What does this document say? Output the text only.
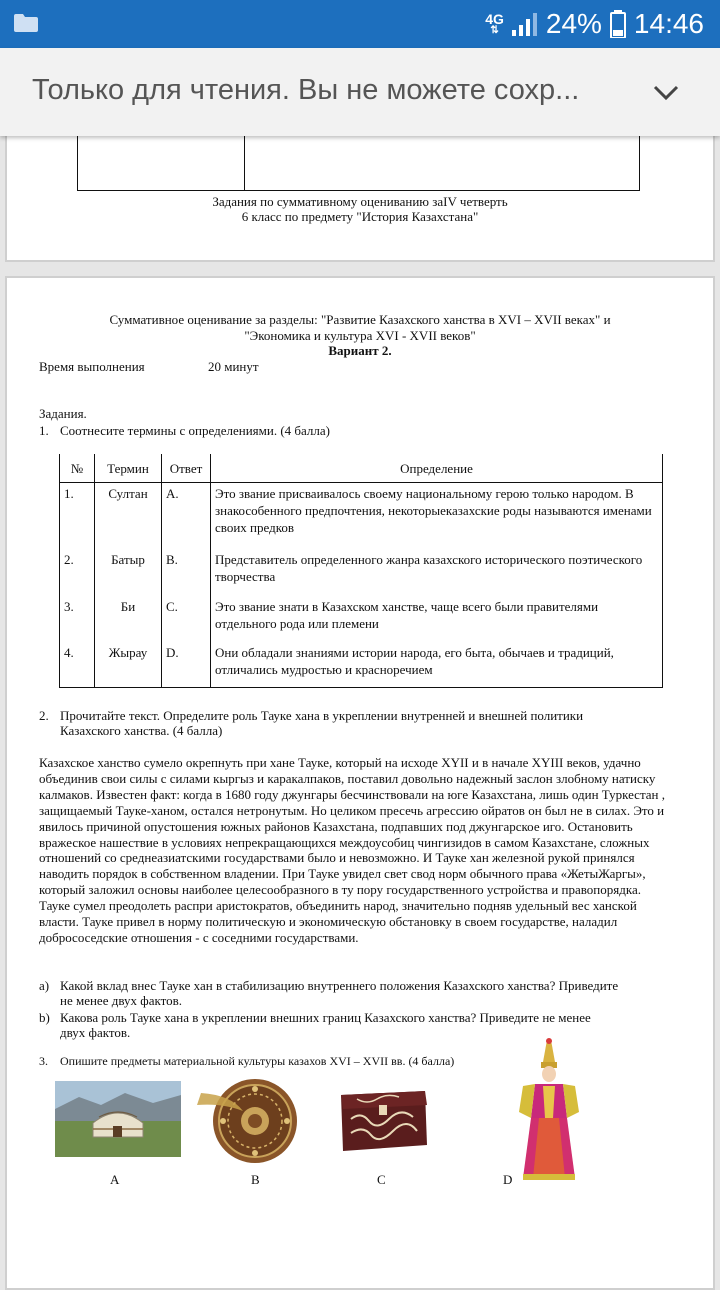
4G
⇅ 24% 14:46
Только для чтения. Вы не можете сохр...
Задания по суммативному оцениванию заIV четверть
6 класс по предмету "История Казахстана"
Суммативное оценивание за разделы: "Развитие Казахского ханства в XVI – XVII веках" и
"Экономика и культура XVI - XVII веков"
Вариант 2.
Время выполнения	20 минут
Задания.
1. Соотнесите термины с определениями. (4 балла)
№	Термин	Ответ	Определение
1.	Султан	A.	Это звание присваивалось своему национальному герою только народом. В знакособенного предпочтения, некоторыеказахские роды называются именами своих предков
2.	Батыр	B.	Представитель определенного жанра казахского исторического поэтического творчества
3.	Би	C.	Это звание знати в Казахском ханстве, чаще всего были правителями отдельного рода или племени
4.	Жырау	D.	Они обладали знаниями истории народа, его быта, обычаев и традиций, отличались мудростью и красноречием
2. Прочитайте текст. Определите роль Тауке хана в укреплении внутренней и внешней политики
Казахского ханства. (4 балла)
Казахское ханство сумело окрепнуть при хане Тауке, который на исходе XYII и в начале XYIII веков, удачно объединив свои силы с силами кыргыз и каракалпаков, поставил довольно надежный заслон злобному натиску калмаков. Известен факт: когда в 1680 году джунгары бесчинствовали на юге Казахстана, лишь один Туркестан , защищаемый Тауке-ханом, остался нетронутым. Но целиком пресечь агрессию ойратов он был не в силах. Это и явилось причиной опустошения южных районов Казахстана, подпавших под джунгарское иго. Остановить вражеское нашествие в условиях непрекращающихся междоусобиц чингизидов в самом Казахстане, сложных отношений со среднеазиатскими государствами было и невозможно. И Тауке хан железной рукой принялся наводить порядок в собственном владении. При Тауке увидел свет свод норм обычного права «ЖетыЖаргы», который заложил основы наиболее целесообразного в ту пору государственного устройства и правопорядка. Тауке сумел преодолеть распри аристократов, объединить народ, значительно подняв удельный вес ханской власти. Тауке привел в норму политическую и экономическую обстановку в своем государстве, наладил добрососедские отношения - с соседними государствами.
a) Какой вклад внес Тауке хан в стабилизацию внутреннего положения Казахского ханства? Приведите
не менее двух фактов.
b) Какова роль Тауке хана в укреплении внешних границ Казахского ханства? Приведите не менее
двух фактов.
3. Опишите предметы материальной культуры казахов XVI – XVII вв. (4 балла)
A	B	C	D
